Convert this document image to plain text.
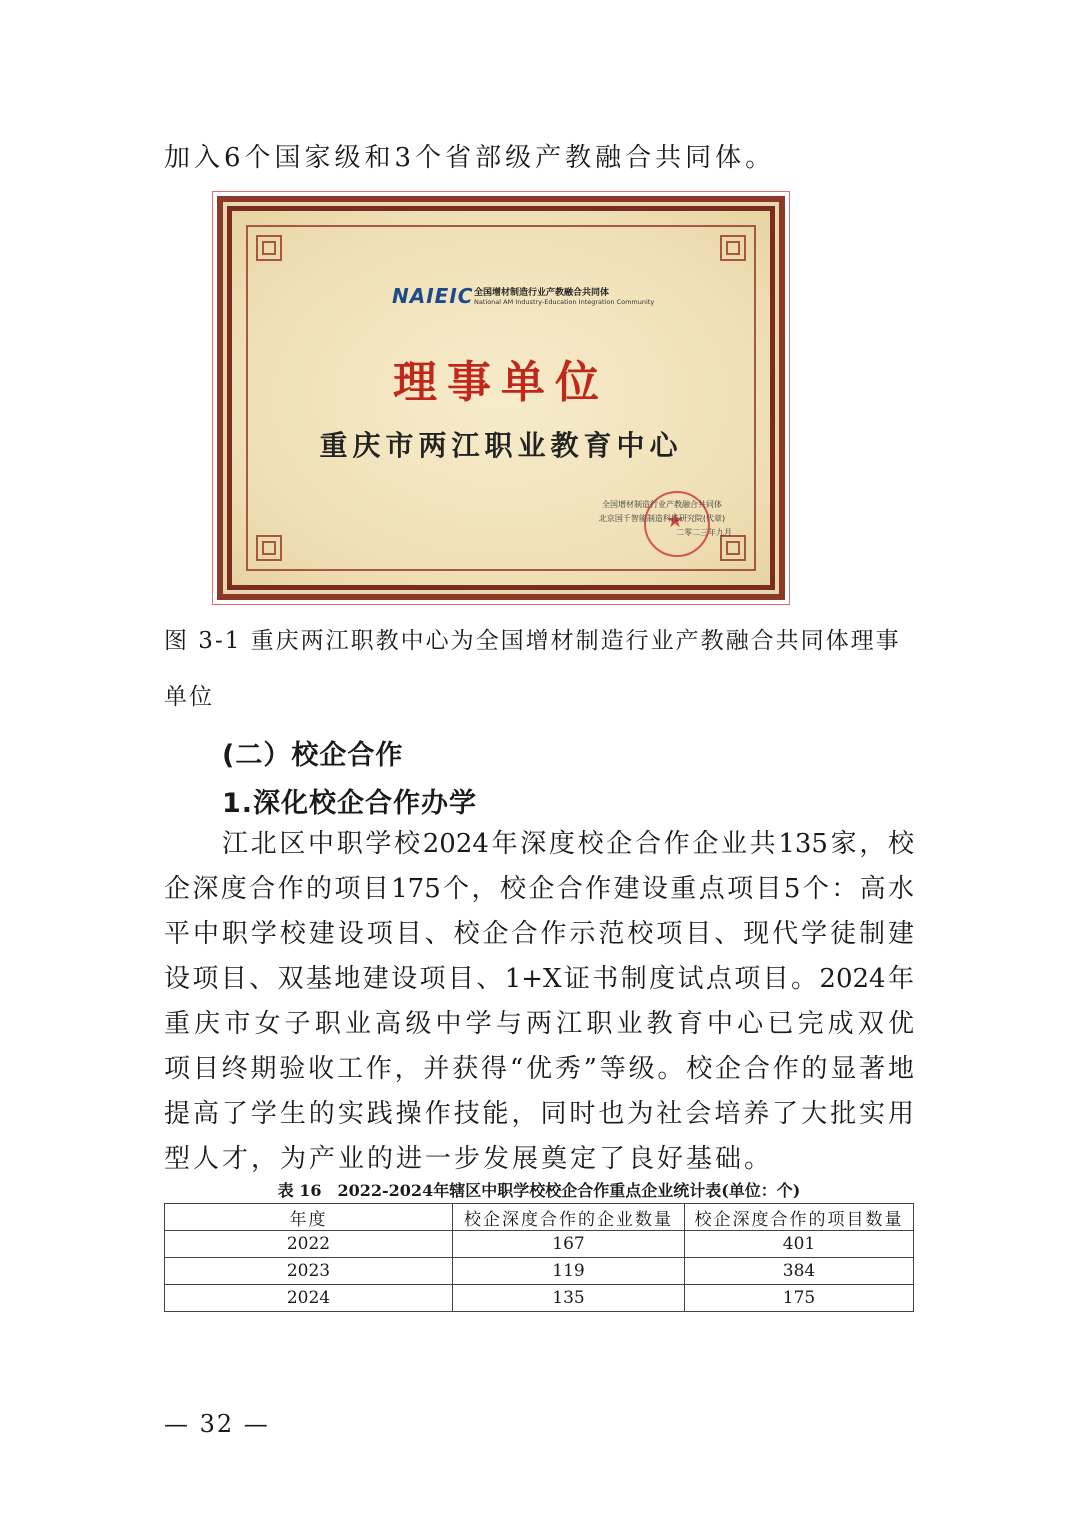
加入6个国家级和3个省部级产教融合共同体。
NAIEIC 全国增材制造行业产教融合共同体
National AM Industry-Education Integration Community
理事单位
重庆市两江职业教育中心
★
全国增材制造行业产教融合共同体
北京国千智能制造科技研究院(代章)
二零二三年九月
图 3-1 重庆两江职教中心为全国增材制造行业产教融合共同体理事
单位
(二）校企合作
1.深化校企合作办学
江北区中职学校2024年深度校企合作企业共135家，校
企深度合作的项目175个，校企合作建设重点项目5个：高水
平中职学校建设项目、校企合作示范校项目、现代学徒制建
设项目、双基地建设项目、1+X证书制度试点项目。2024年
重庆市女子职业高级中学与两江职业教育中心已完成双优
项目终期验收工作，并获得“优秀”等级。校企合作的显著地
提高了学生的实践操作技能，同时也为社会培养了大批实用
型人才，为产业的进一步发展奠定了良好基础。
表 16　2022-2024年辖区中职学校校企合作重点企业统计表(单位：个)
年度	校企深度合作的企业数量	校企深度合作的项目数量
2022	167	401
2023	119	384
2024	135	175
— 32 —
